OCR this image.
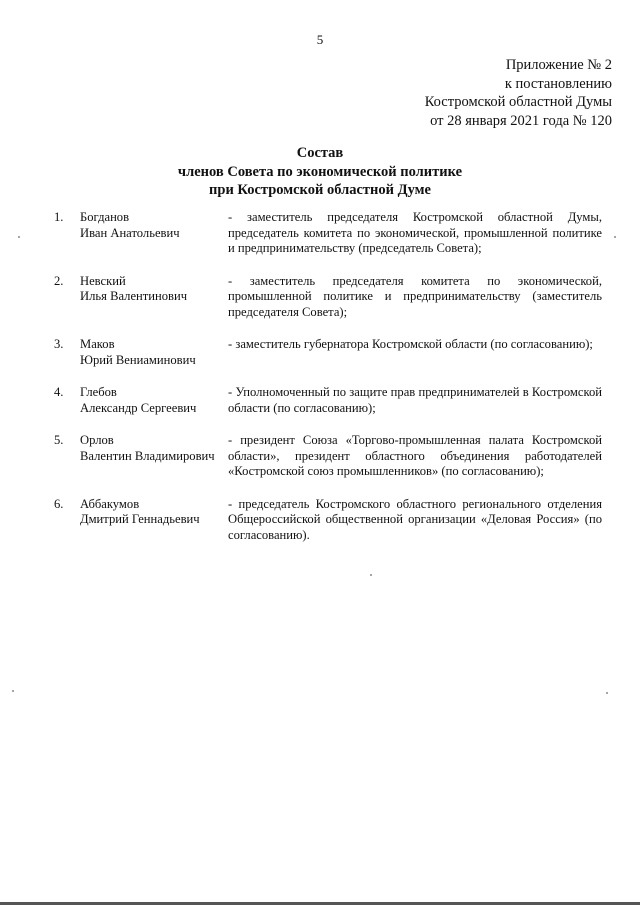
5
Приложение № 2
к постановлению
Костромской областной Думы
от 28 января 2021 года № 120
Состав
членов Совета по экономической политике
при Костромской областной Думе
1.	Богданов
Иван Анатольевич
- заместитель председателя Костромской областной Думы, председатель комитета по экономической, промышленной политике и предпринимательству (председатель Совета);
2.	Невский
Илья Валентинович
- заместитель председателя комитета по экономической, промышленной политике и предпринимательству (заместитель председателя Совета);
3.	Маков
Юрий Вениаминович
- заместитель губернатора Костромской области (по согласованию);
4.	Глебов
Александр Сергеевич
- Уполномоченный по защите прав предпринимателей в Костромской области (по согласованию);
5.	Орлов
Валентин Владимирович
- президент Союза «Торгово-промышленная палата Костромской области», президент областного объединения работодателей «Костромской союз промышленников» (по согласованию);
6.	Аббакумов
Дмитрий Геннадьевич
- председатель Костромского областного регионального отделения Общероссийской общественной организации «Деловая Россия» (по согласованию).
